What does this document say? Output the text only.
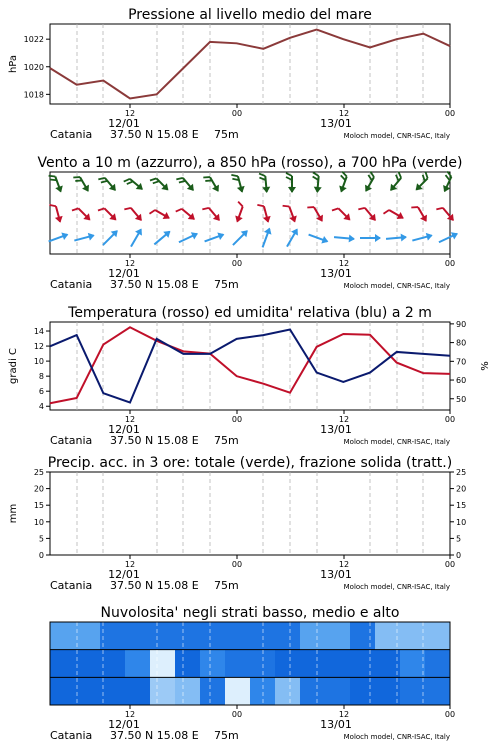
Pressione al livello medio del mare
1018
1020
1022
hPa
12	00	12	00
12/01	13/01
Catania 37.50 N 15.08 E 75m	Moloch model, CNR-ISAC, Italy
Vento a 10 m (azzurro), a 850 hPa (rosso), a 700 hPa (verde)
12	00	12	00
12/01	13/01
Catania 37.50 N 15.08 E 75m	Moloch model, CNR-ISAC, Italy
Temperatura (rosso) ed umidita' relativa (blu) a 2 m
4
6
8
10
12
14
50
60
70
80
90
gradi C	%
12	00	12	00
12/01	13/01
Catania 37.50 N 15.08 E 75m	Moloch model, CNR-ISAC, Italy
Precip. acc. in 3 ore: totale (verde), frazione solida (tratt.)
0	0
5	5
10	10
15	15
20	20
25	25
mm
12	00	12	00
12/01	13/01
Catania 37.50 N 15.08 E 75m	Moloch model, CNR-ISAC, Italy
Nuvolosita' negli strati basso, medio e alto
12	00	12	00
12/01	13/01
Catania 37.50 N 15.08 E 75m	Moloch model, CNR-ISAC, Italy
